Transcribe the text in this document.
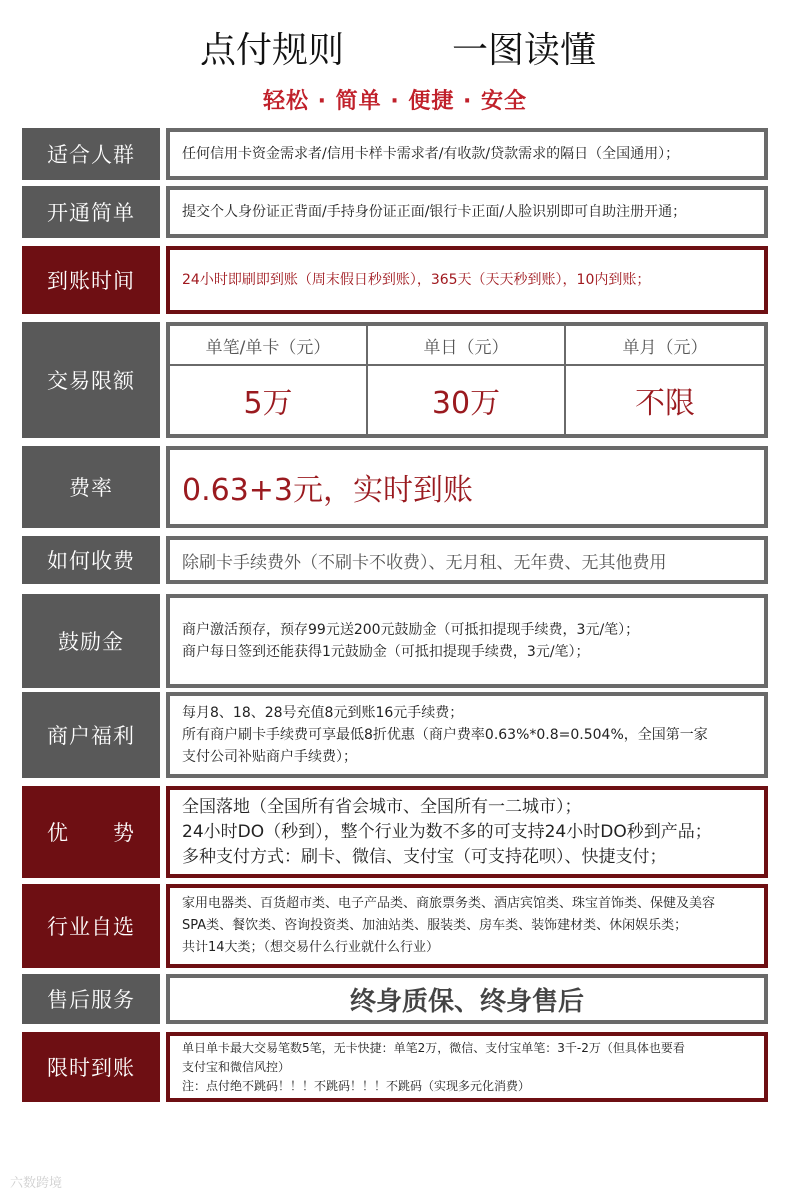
点付规则	一图读懂
轻松 · 简单 · 便捷 · 安全
适合人群	任何信用卡资金需求者/信用卡样卡需求者/有收款/贷款需求的隔日（全国通用）；
开通简单	提交个人身份证正背面/手持身份证正面/银行卡正面/人脸识别即可自助注册开通；
到账时间	24小时即刷即到账（周末假日秒到账），365天（天天秒到账），10内到账；
交易限额
单笔/单卡（元）	单日（元）	单月（元）
5万	30万	不限
费率	0.63+3元，实时到账
如何收费	除刷卡手续费外（不刷卡不收费）、无月租、无年费、无其他费用
鼓励金	商户激活预存，预存99元送200元鼓励金（可抵扣提现手续费，3元/笔）；
商户每日签到还能获得1元鼓励金（可抵扣提现手续费，3元/笔）；
商户福利
每月8、18、28号充值8元到账16元手续费；
所有商户刷卡手续费可享最低8折优惠（商户费率0.63%*0.8=0.504%，全国第一家
支付公司补贴商户手续费）；
优　　势
全国落地（全国所有省会城市、全国所有一二城市）；
24小时DO（秒到），整个行业为数不多的可支持24小时DO秒到产品；
多种支付方式：刷卡、微信、支付宝（可支持花呗）、快捷支付；
行业自选
家用电器类、百货超市类、电子产品类、商旅票务类、酒店宾馆类、珠宝首饰类、保健及美容
SPA类、餐饮类、咨询投资类、加油站类、服装类、房车类、装饰建材类、休闲娱乐类；
共计14大类；（想交易什么行业就什么行业）
售后服务	终身质保、终身售后
限时到账
单日单卡最大交易笔数5笔，无卡快捷：单笔2万，微信、支付宝单笔：3千-2万（但具体也要看
支付宝和微信风控）
注：点付绝不跳码！！！不跳码！！！不跳码（实现多元化消费）
六数跨境
